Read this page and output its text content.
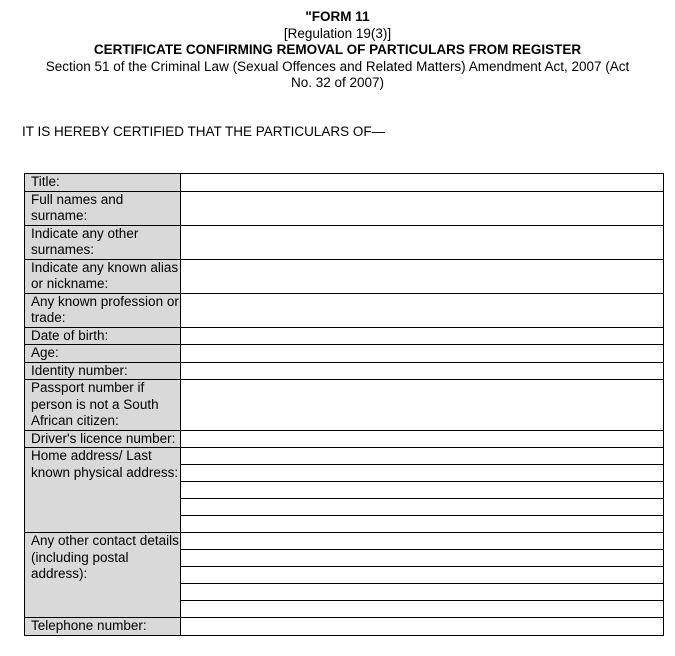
"FORM 11
[Regulation 19(3)]
CERTIFICATE CONFIRMING REMOVAL OF PARTICULARS FROM REGISTER
Section 51 of the Criminal Law (Sexual Offences and Related Matters) Amendment Act, 2007 (Act
No. 32 of 2007)
IT IS HEREBY CERTIFIED THAT THE PARTICULARS OF—
Title:	
Full names and surname:	
Indicate any other surnames:	
Indicate any known alias or nickname:	
Any known profession or trade:	
Date of birth:	
Age:	
Identity number:	
Passport number if person is not a South African citizen:	
Driver's licence number:	
Home address/ Last known physical address:	

Any other contact details (including postal address):	

Telephone number:	
